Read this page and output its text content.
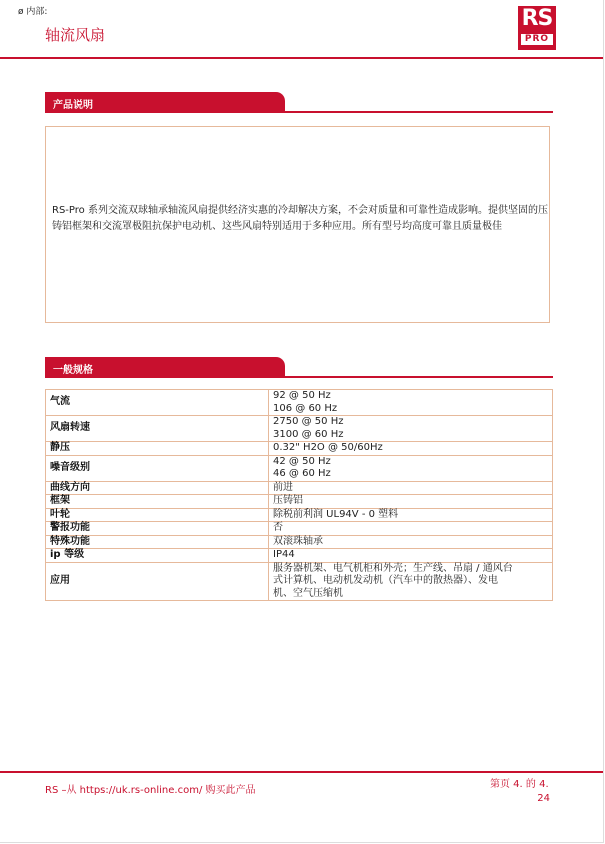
ø 内部:
轴流风扇
RS
PRO
产品说明

RS-Pro 系列交流双球轴承轴流风扇提供经济实惠的冷却解决方案，不会对质量和可靠性造成影响。提供坚固的压铸铝框架和交流罩极阻抗保护电动机、这些风扇特别适用于多种应用。所有型号均高度可靠且质量极佳

一般规格
气流	92 @ 50 Hz
106 @ 60 Hz

风扇转速	2750 @ 50 Hz
3100 @ 60 Hz

静压	0.32" H2O @ 50/60Hz

噪音级别	42 @ 50 Hz
46 @ 60 Hz

曲线方向	前进

框架	压铸铝

叶轮	除税前利润 UL94V - 0 塑料

警报功能	否

特殊功能	双滚珠轴承

ip 等级	IP44

应用	服务器机架、电气机柜和外壳；生产线、吊扇 / 通风台
式计算机、电动机发动机（汽车中的散热器）、发电
机、空气压缩机
RS –从 https://uk.rs-online.com/ 购买此产品
第页 4. 的 4.
24
